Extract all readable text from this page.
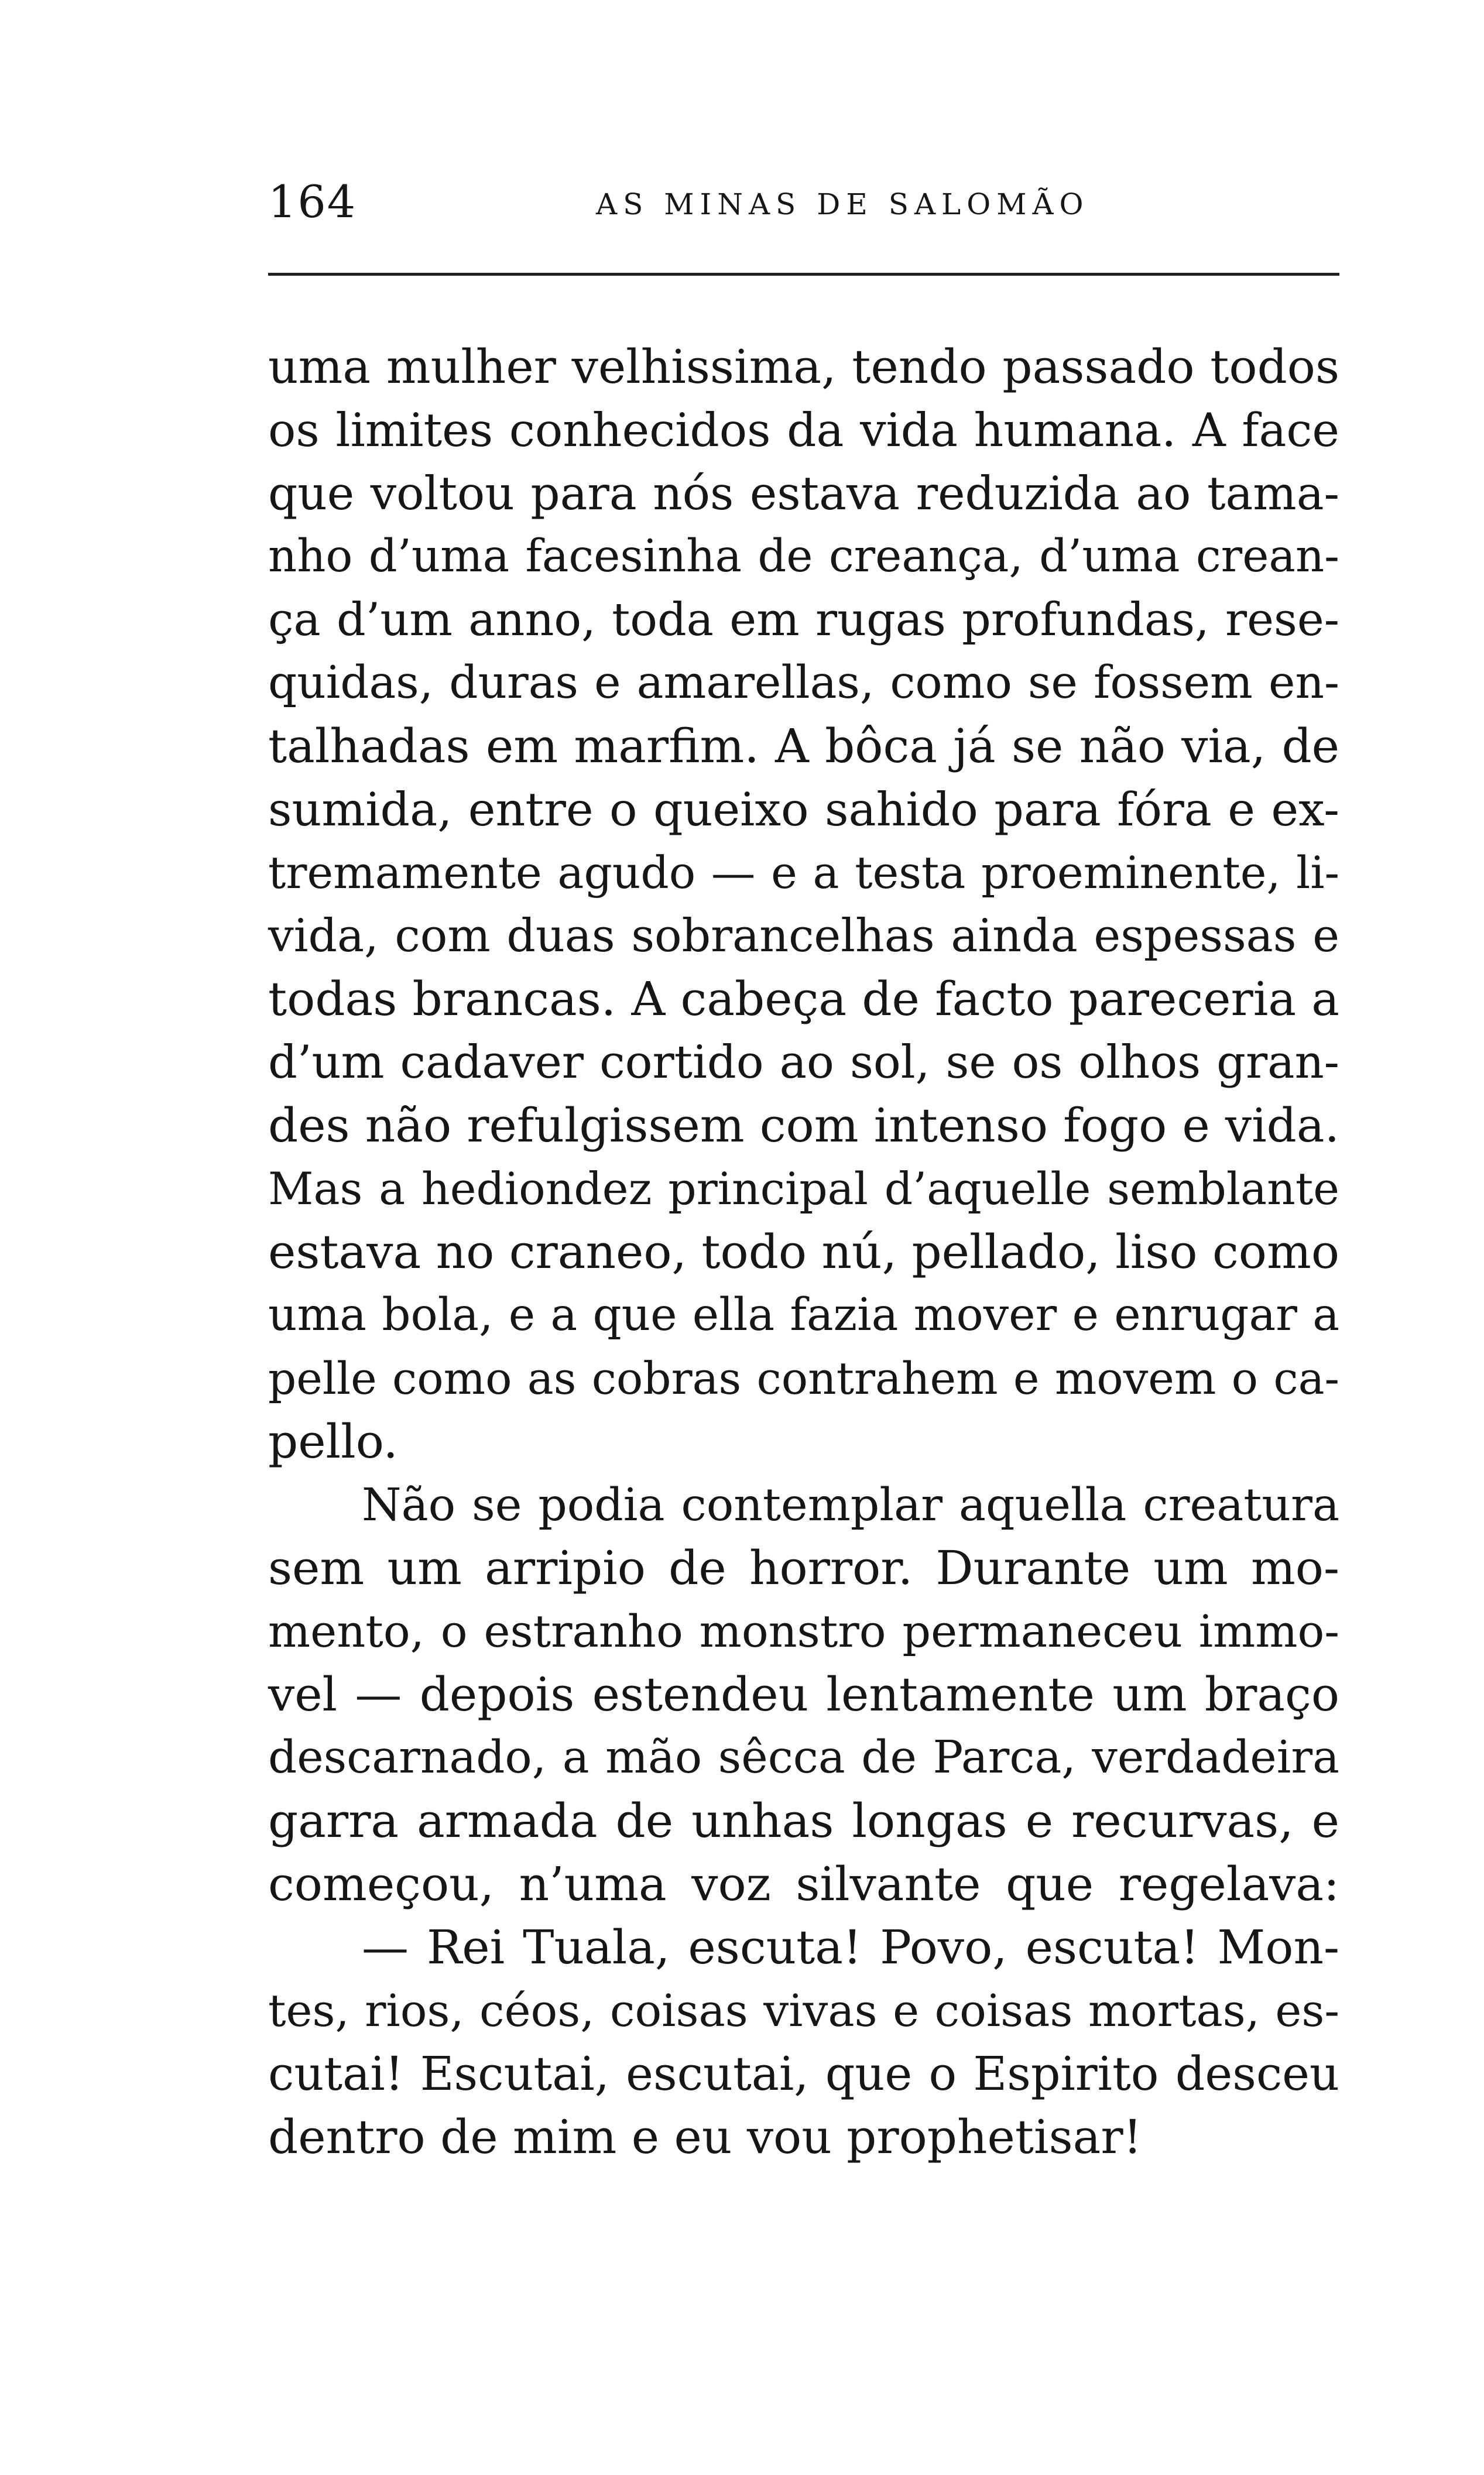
164	AS MINAS DE SALOMÃO
uma mulher velhissima, tendo passado todos
os limites conhecidos da vida humana. A face
que voltou para nós estava reduzida ao tama-
nho d’uma facesinha de creança, d’uma crean-
ça d’um anno, toda em rugas profundas, rese-
quidas, duras e amarellas, como se fossem en-
talhadas em marfim. A bôca já se não via, de
sumida, entre o queixo sahido para fóra e ex-
tremamente agudo — e a testa proeminente, li-
vida, com duas sobrancelhas ainda espessas e
todas brancas. A cabeça de facto pareceria a
d’um cadaver cortido ao sol, se os olhos gran-
des não refulgissem com intenso fogo e vida.
Mas a hediondez principal d’aquelle semblante
estava no craneo, todo nú, pellado, liso como
uma bola, e a que ella fazia mover e enrugar a
pelle como as cobras contrahem e movem o ca-
pello.
Não se podia contemplar aquella creatura
sem um arripio de horror. Durante um mo-
mento, o estranho monstro permaneceu immo-
vel — depois estendeu lentamente um braço
descarnado, a mão sêcca de Parca, verdadeira
garra armada de unhas longas e recurvas, e
começou, n’uma voz silvante que regelava:
— Rei Tuala, escuta! Povo, escuta! Mon-
tes, rios, céos, coisas vivas e coisas mortas, es-
cutai! Escutai, escutai, que o Espirito desceu
dentro de mim e eu vou prophetisar!
